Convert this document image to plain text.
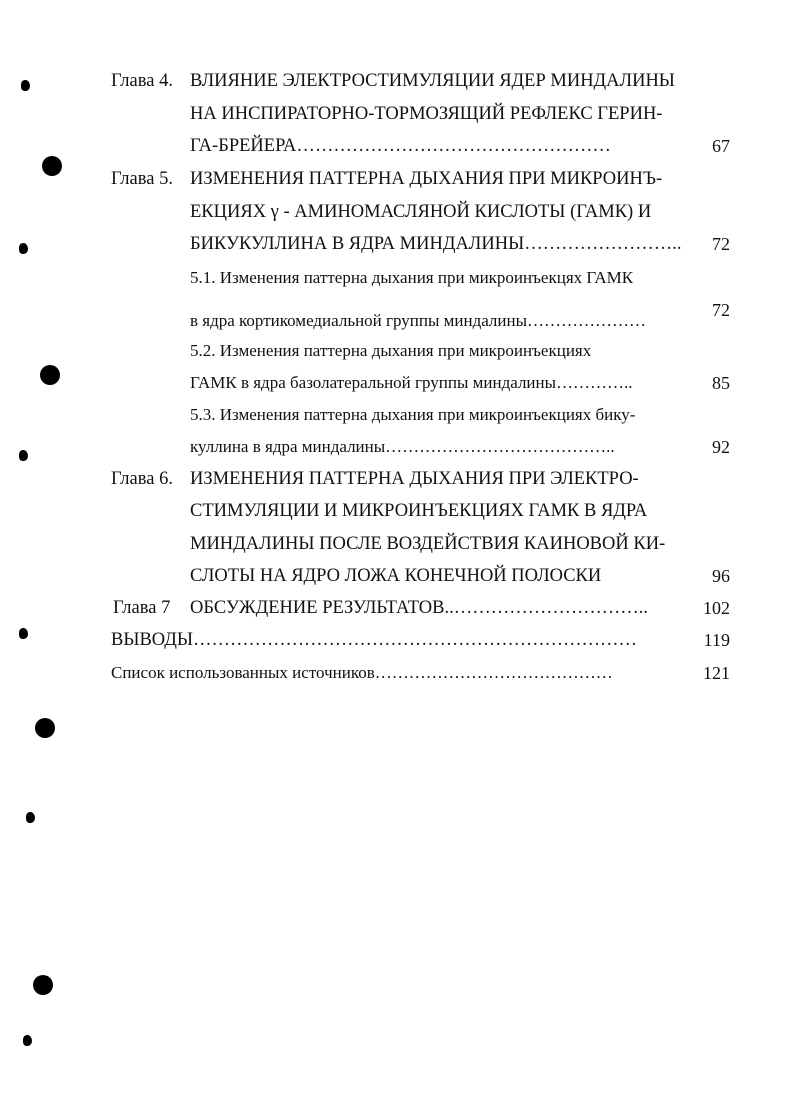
Глава 4. ВЛИЯНИЕ ЭЛЕКТРОСТИМУЛЯЦИИ ЯДЕР МИНДАЛИНЫ
НА ИНСПИРАТОРНО-ТОРМОЗЯЩИЙ РЕФЛЕКС ГЕРИН-
ГА-БРЕЙЕРА……………………………………………	67
Глава 5. ИЗМЕНЕНИЯ ПАТТЕРНА ДЫХАНИЯ ПРИ МИКРОИНЪ-
ЕКЦИЯХ γ - АМИНОМАСЛЯНОЙ КИСЛОТЫ (ГАМК) И
БИКУКУЛЛИНА В ЯДРА МИНДАЛИНЫ……………………..	72
5.1. Изменения паттерна дыхания при микроинъекцях ГАМК
в ядра кортикомедиальной группы миндалины…………………
72
5.2. Изменения паттерна дыхания при микроинъекциях
ГАМК в ядра базолатеральной группы миндалины…………..	85
5.3. Изменения паттерна дыхания при микроинъекциях бику-
куллина в ядра миндалины…………………………………..	92
Глава 6. ИЗМЕНЕНИЯ ПАТТЕРНА ДЫХАНИЯ ПРИ ЭЛЕКТРО-
СТИМУЛЯЦИИ И МИКРОИНЪЕКЦИЯХ ГАМК В ЯДРА
МИНДАЛИНЫ ПОСЛЕ ВОЗДЕЙСТВИЯ КАИНОВОЙ КИ-
СЛОТЫ НА ЯДРО ЛОЖА КОНЕЧНОЙ ПОЛОСКИ	96
Глава 7 ОБСУЖДЕНИЕ РЕЗУЛЬТАТОВ..…………………………..	102
ВЫВОДЫ………………………………………………………………	119
Список использованных источников……………………………………	121
